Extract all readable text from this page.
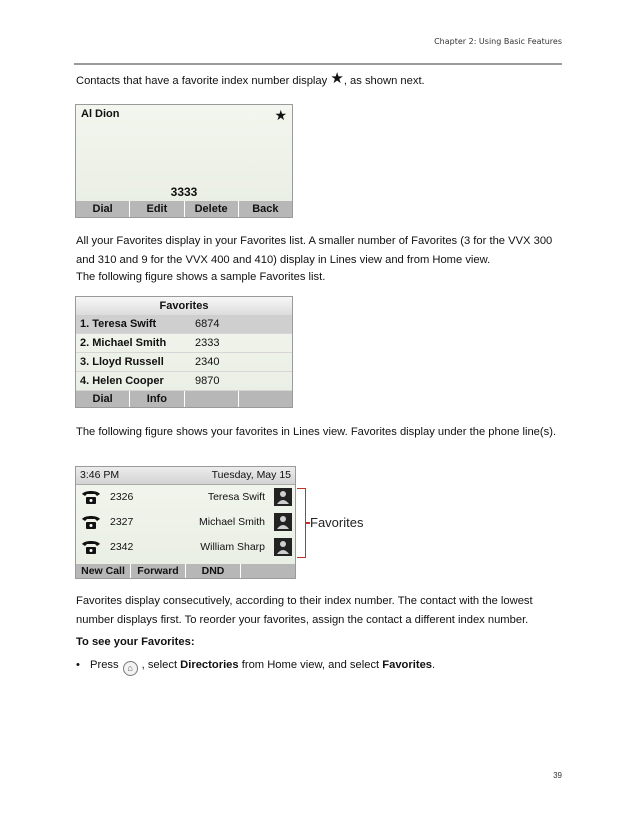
Chapter 2: Using Basic Features
Contacts that have a favorite index number display ★, as shown next.
Al Dion	★
3333
Dial	Edit	Delete	Back
All your Favorites display in your Favorites list. A smaller number of Favorites (3 for the VVX 300 and 310 and 9 for the VVX 400 and 410) display in Lines view and from Home view.
The following figure shows a sample Favorites list.
Favorites
1. Teresa Swift	6874
2. Michael Smith	2333
3. Lloyd Russell	2340
4. Helen Cooper	9870
Dial	Info
The following figure shows your favorites in Lines view. Favorites display under the phone line(s).
3:46 PM	Tuesday, May 15
2326	Teresa Swift
2327	Michael Smith
2342	William Sharp
New Call	Forward	DND
Favorites
Favorites display consecutively, according to their index number. The contact with the lowest number displays first. To reorder your favorites, assign the contact a different index number.
To see your Favorites:
• Press ⌂ , select Directories from Home view, and select Favorites.
39
